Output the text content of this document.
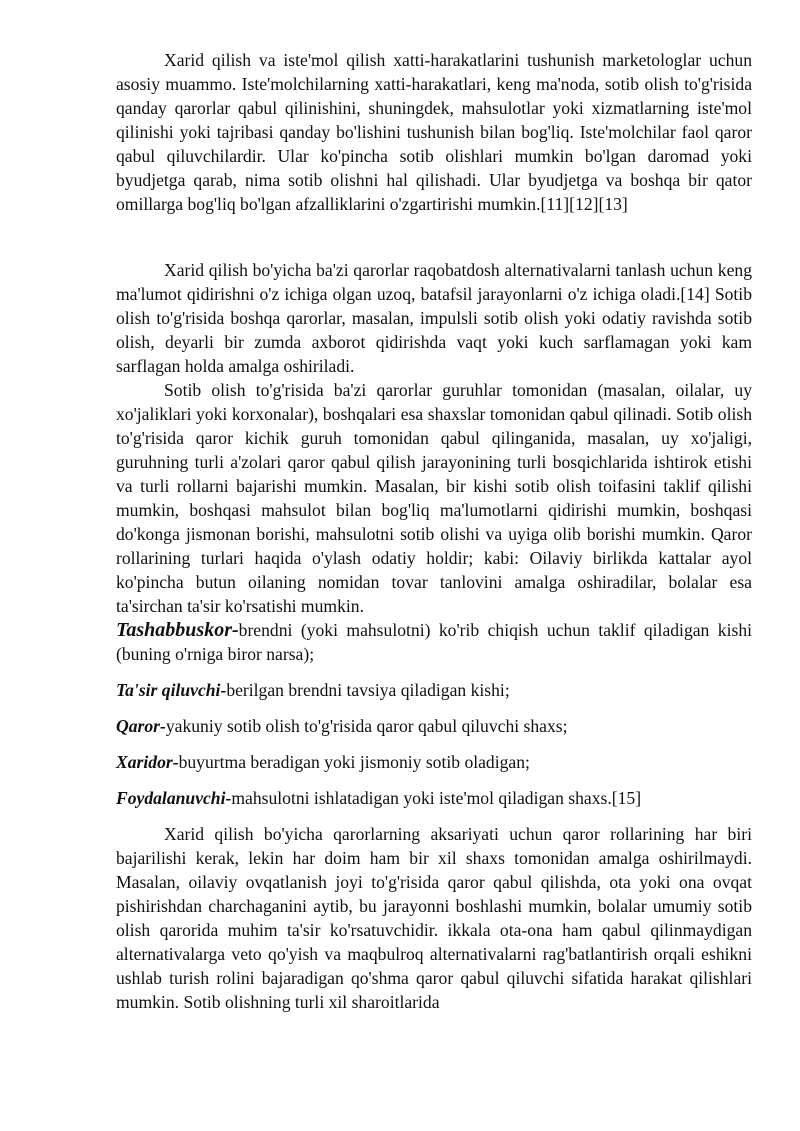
Xarid qilish va iste'mol qilish xatti-harakatlarini tushunish marketologlar uchun asosiy muammo. Iste'molchilarning xatti-harakatlari, keng ma'noda, sotib olish to'g'risida qanday qarorlar qabul qilinishini, shuningdek, mahsulotlar yoki xizmatlarning iste'mol qilinishi yoki tajribasi qanday bo'lishini tushunish bilan bog'liq. Iste'molchilar faol qaror qabul qiluvchilardir. Ular ko'pincha sotib olishlari mumkin bo'lgan daromad yoki byudjetga qarab, nima sotib olishni hal qilishadi. Ular byudjetga va boshqa bir qator omillarga bog'liq bo'lgan afzalliklarini o'zgartirishi mumkin.[11][12][13]

Xarid qilish bo'yicha ba'zi qarorlar raqobatdosh alternativalarni tanlash uchun keng ma'lumot qidirishni o'z ichiga olgan uzoq, batafsil jarayonlarni o'z ichiga oladi.[14] Sotib olish to'g'risida boshqa qarorlar, masalan, impulsli sotib olish yoki odatiy ravishda sotib olish, deyarli bir zumda axborot qidirishda vaqt yoki kuch sarflamagan yoki kam sarflagan holda amalga oshiriladi.

Sotib olish to'g'risida ba'zi qarorlar guruhlar tomonidan (masalan, oilalar, uy xo'jaliklari yoki korxonalar), boshqalari esa shaxslar tomonidan qabul qilinadi. Sotib olish to'g'risida qaror kichik guruh tomonidan qabul qilinganida, masalan, uy xo'jaligi, guruhning turli a'zolari qaror qabul qilish jarayonining turli bosqichlarida ishtirok etishi va turli rollarni bajarishi mumkin. Masalan, bir kishi sotib olish toifasini taklif qilishi mumkin, boshqasi mahsulot bilan bog'liq ma'lumotlarni qidirishi mumkin, boshqasi do'konga jismonan borishi, mahsulotni sotib olishi va uyiga olib borishi mumkin. Qaror rollarining turlari haqida o'ylash odatiy holdir; kabi: Oilaviy birlikda kattalar ayol ko'pincha butun oilaning nomidan tovar tanlovini amalga oshiradilar, bolalar esa ta'sirchan ta'sir ko'rsatishi mumkin.

Tashabbuskor-brendni (yoki mahsulotni) ko'rib chiqish uchun taklif qiladigan kishi (buning o'rniga biror narsa);
Ta'sir qiluvchi-berilgan brendni tavsiya qiladigan kishi;
Qaror-yakuniy sotib olish to'g'risida qaror qabul qiluvchi shaxs;
Xaridor-buyurtma beradigan yoki jismoniy sotib oladigan;
Foydalanuvchi-mahsulotni ishlatadigan yoki iste'mol qiladigan shaxs.[15]

Xarid qilish bo'yicha qarorlarning aksariyati uchun qaror rollarining har biri bajarilishi kerak, lekin har doim ham bir xil shaxs tomonidan amalga oshirilmaydi. Masalan, oilaviy ovqatlanish joyi to'g'risida qaror qabul qilishda, ota yoki ona ovqat pishirishdan charchaganini aytib, bu jarayonni boshlashi mumkin, bolalar umumiy sotib olish qarorida muhim ta'sir ko'rsatuvchidir. ikkala ota-ona ham qabul qilinmaydigan alternativalarga veto qo'yish va maqbulroq alternativalarni rag'batlantirish orqali eshikni ushlab turish rolini bajaradigan qo'shma qaror qabul qiluvchi sifatida harakat qilishlari mumkin. Sotib olishning turli xil sharoitlarida
